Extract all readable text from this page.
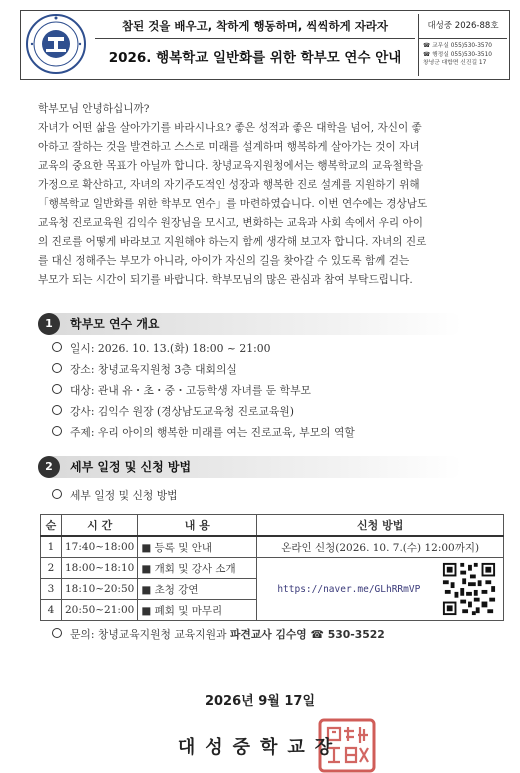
참된 것을 배우고, 착하게 행동하며, 씩씩하게 자라자
2026. 행복학교 일반화를 위한 학부모 연수 안내
대성중 2026-88호
☎ 교무실 055)530-3570
☎ 행정실 055)530-3510
창녕군 대합면 신진길 17
학부모님 안녕하십니까?
자녀가 어떤 삶을 살아가기를 바라시나요? 좋은 성적과 좋은 대학을 넘어, 자신이 좋
아하고 잘하는 것을 발견하고 스스로 미래를 설계하며 행복하게 살아가는 것이 자녀
교육의 중요한 목표가 아닐까 합니다. 창녕교육지원청에서는 행복학교의 교육철학을
가정으로 확산하고, 자녀의 자기주도적인 성장과 행복한 진로 설계를 지원하기 위해
「행복학교 일반화를 위한 학부모 연수」를 마련하였습니다. 이번 연수에는 경상남도
교육청 진로교육원 김익수 원장님을 모시고, 변화하는 교육과 사회 속에서 우리 아이
의 진로를 어떻게 바라보고 지원해야 하는지 함께 생각해 보고자 합니다. 자녀의 진로
를 대신 정해주는 부모가 아니라, 아이가 자신의 길을 찾아갈 수 있도록 함께 걷는
부모가 되는 시간이 되기를 바랍니다. 학부모님의 많은 관심과 참여 부탁드립니다.
1	학부모 연수 개요
일시: 2026. 10. 13.(화) 18:00 ~ 21:00
장소: 창녕교육지원청 3층 대회의실
대상: 관내 유・초・중・고등학생 자녀를 둔 학부모
강사: 김익수 원장 (경상남도교육청 진로교육원)
주제: 우리 아이의 행복한 미래를 여는 진로교육, 부모의 역할
2	세부 일정 및 신청 방법
세부 일정 및 신청 방법
순	시 간	내 용	신청 방법
1	17:40~18:00	■ 등록 및 안내	온라인 신청(2026. 10. 7.(수) 12:00까지)
2	18:00~18:10	■ 개회 및 강사 소개	https://naver.me/GLhRRmVP

3	18:10~20:50	■ 초청 강연	
4	20:50~21:00	■ 폐회 및 마무리	
문의: 창녕교육지원청 교육지원과 파견교사 김수영 ☎ 530-3522
2026년 9월 17일
대성중학교장
